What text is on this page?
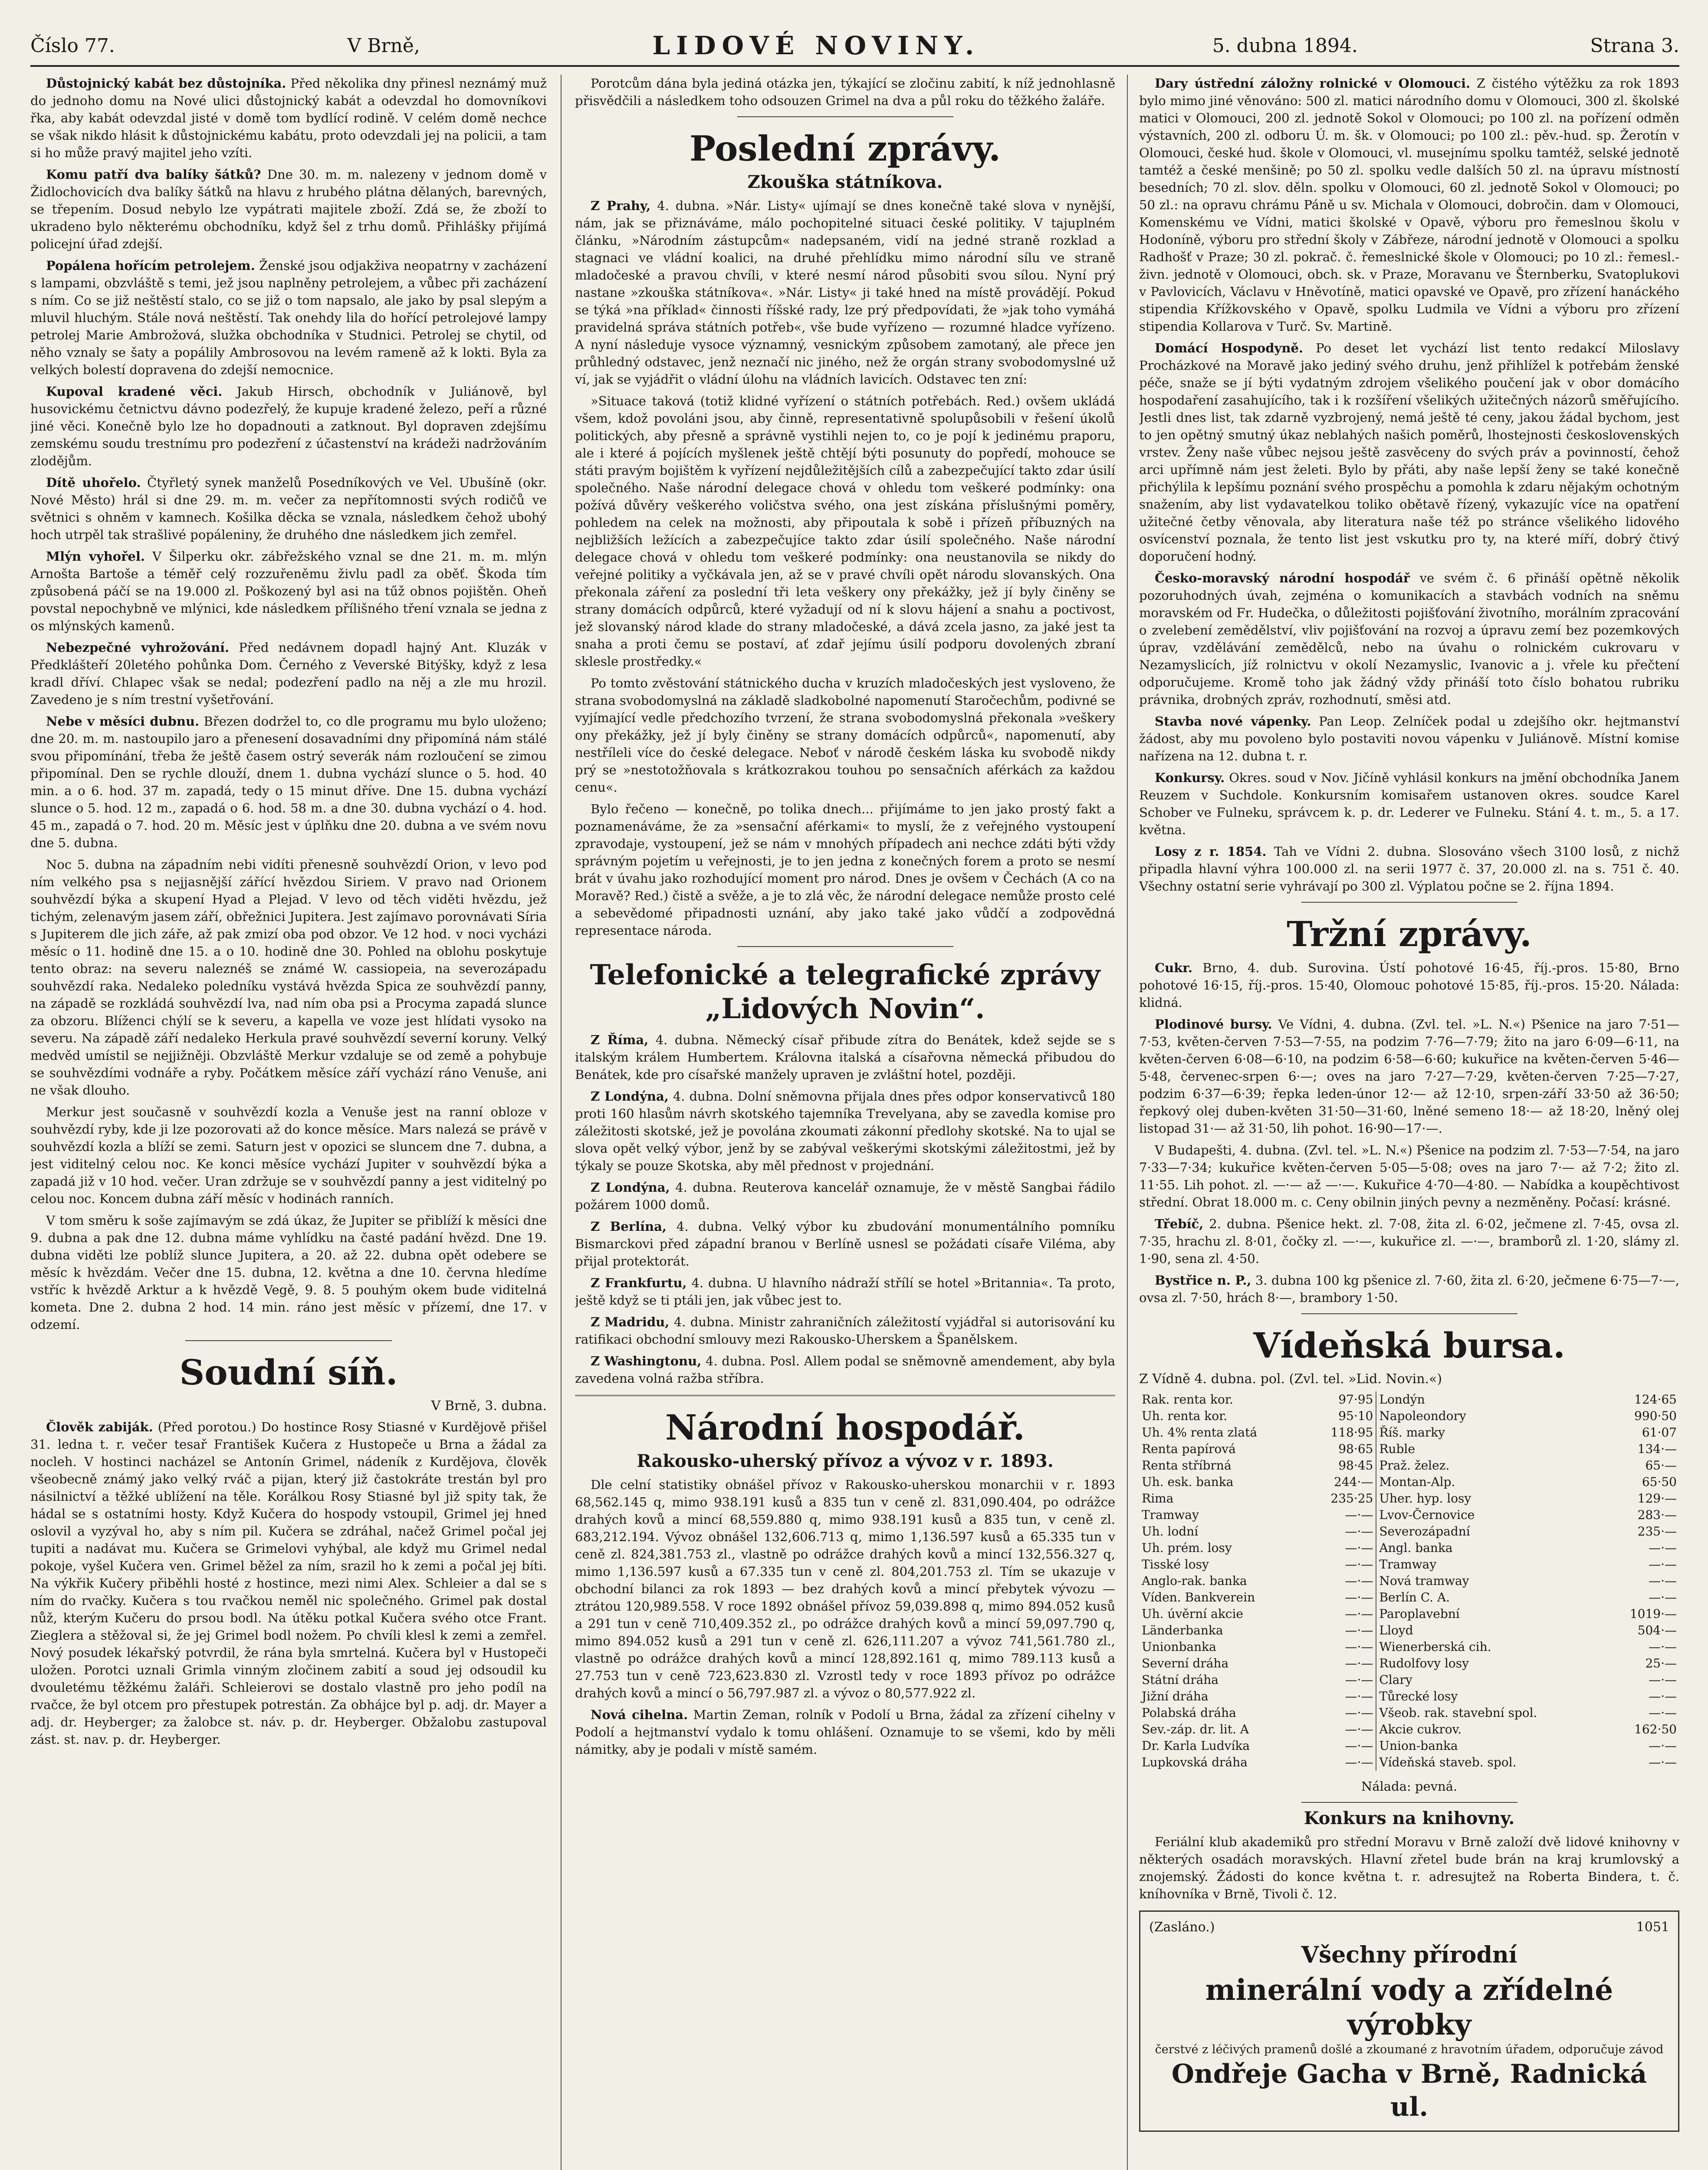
Číslo 77.	V Brně,	LIDOVÉ NOVINY.	5. dubna 1894.	Strana 3.

Důstojnický kabát bez důstojníka. Před několika dny přinesl neznámý muž do jednoho domu na Nové ulici důstojnický kabát a odevzdal ho domovníkovi řka, aby kabát odevzdal jisté v domě tom bydlící rodině. V celém domě nechce se však nikdo hlásit k důstojnickému kabátu, proto odevzdali jej na policii, a tam si ho může pravý majitel jeho vzíti.

Komu patří dva balíky šátků? Dne 30. m. m. nalezeny v jednom domě v Židlochovicích dva balíky šátků na hlavu z hrubého plátna dělaných, barevných, se třepením. Dosud nebylo lze vypátrati majitele zboží. Zdá se, že zboží to ukradeno bylo některému obchodníku, když šel z trhu domů. Přihlášky přijímá policejní úřad zdejší.

Popálena hořícím petrolejem. Ženské jsou odjakživa neopatrny v zacházení s lampami, obzvláště s temi, jež jsou naplněny petrolejem, a vůbec při zacházení s ním. Co se již neštěstí stalo, co se již o tom napsalo, ale jako by psal slepým a mluvil hluchým. Stále nová neštěstí. Tak onehdy lila do hořící petrolejové lampy petrolej Marie Ambrožová, služka obchodníka v Studnici. Petrolej se chytil, od něho vznaly se šaty a popálily Ambrosovou na levém rameně až k lokti. Byla za velkých bolestí dopravena do zdejší nemocnice.

Kupoval kradené věci. Jakub Hirsch, obchodník v Juliánově, byl husovickému četnictvu dávno podezřelý, že kupuje kradené železo, peří a různé jiné věci. Konečně bylo lze ho dopadnouti a zatknout. Byl dopraven zdejšímu zemskému soudu trestnímu pro podezření z účastenství na krádeži nadržováním zlodějům.

Dítě uhořelo. Čtyřletý synek manželů Posedníkových ve Vel. Ubušíně (okr. Nové Město) hrál si dne 29. m. m. večer za nepřítomnosti svých rodičů ve světnici s ohněm v kamnech. Košilka děcka se vznala, následkem čehož ubohý hoch utrpěl tak strašlivé popáleniny, že druhého dne následkem jich zemřel.

Mlýn vyhořel. V Šilperku okr. zábřežského vznal se dne 21. m. m. mlýn Arnošta Bartoše a téměř celý rozzuřeněmu živlu padl za oběť. Škoda tím způsobená páčí se na 19.000 zl. Poškozený byl asi na tűž obnos pojištěn. Oheň povstal nepochybně ve mlýnici, kde následkem přílišného tření vznala se jedna z os mlýnských kamenů.

Nebezpečné vyhrožování. Před nedávnem dopadl hajný Ant. Kluzák v Předklášteří 20letého pohůnka Dom. Černého z Veverské Bitýšky, když z lesa kradl dříví. Chlapec však se nedal; podezření padlo na něj a zle mu hrozil. Zavedeno je s ním trestní vyšetřování.

Nebe v měsíci dubnu. Březen dodržel to, co dle programu mu bylo uloženo; dne 20. m. m. nastoupilo jaro a přenesení dosavadními dny připomíná nám stálé svou připomínání, třeba že ještě časem ostrý severák nám rozloučení se zimou připomínal. Den se rychle dlouží, dnem 1. dubna vychází slunce o 5. hod. 40 min. a o 6. hod. 37 m. zapadá, tedy o 15 minut dříve. Dne 15. dubna vychází slunce o 5. hod. 12 m., zapadá o 6. hod. 58 m. a dne 30. dubna vychází o 4. hod. 45 m., zapadá o 7. hod. 20 m. Měsíc jest v úplňku dne 20. dubna a ve svém novu dne 5. dubna.

Noc 5. dubna na západním nebi vidíti přenesně souhvězdí Orion, v levo pod ním velkého psa s nejjasnější zářící hvězdou Siriem. V pravo nad Orionem souhvězdí býka a skupení Hyad a Plejad. V levo od těch viděti hvězdu, jež tichým, zelenavým jasem září, obřežnici Jupitera. Jest zajímavo porovnávati Síria s Jupiterem dle jich záře, až pak zmizí oba pod obzor. Ve 12 hod. v noci vycházi měsíc o 11. hodině dne 15. a o 10. hodině dne 30. Pohled na oblohu poskytuje tento obraz: na severu naleznéš se známé W. cassiopeia, na severozápadu souhvězdí raka. Nedaleko poledníku vystává hvězda Spica ze souhvězdí panny, na západě se rozkládá souhvězdí lva, nad ním oba psi a Procyma zapadá slunce za obzoru. Blíženci chýlí se k severu, a kapella ve voze jest hlídati vysoko na severu. Na západě září nedaleko Herkula pravé souhvězdí severní koruny. Velký medvěd umístil se nejjižněji. Obzvláště Merkur vzdaluje se od země a pohybuje se souhvězdími vodnáře a ryby. Počátkem měsíce září vychází ráno Venuše, ani ne však dlouho.

Merkur jest současně v souhvězdí kozla a Venuše jest na ranní obloze v souhvězdí ryby, kde ji lze pozorovati až do konce měsíce. Mars nalezá se právě v souhvězdí kozla a blíží se zemi. Saturn jest v opozici se sluncem dne 7. dubna, a jest viditelný celou noc. Ke konci měsíce vychází Jupiter v souhvězdí býka a zapadá již v 10 hod. večer. Uran zdržuje se v souhvězdí panny a jest viditelný po celou noc. Koncem dubna září měsíc v hodinách ranních.

V tom směru k soše zajímavým se zdá úkaz, že Jupiter se přiblíží k měsíci dne 9. dubna a pak dne 12. dubna máme vyhlídku na časté padání hvězd. Dne 19. dubna viděti lze poblíž slunce Jupitera, a 20. až 22. dubna opět odebere se měsíc k hvězdám. Večer dne 15. dubna, 12. května a dne 10. června hledíme vstříc k hvězdě Arktur a k hvězdě Vegě, 9. 8. 5 pouhým okem bude viditelná kometa. Dne 2. dubna 2 hod. 14 min. ráno jest měsíc v přízemí, dne 17. v odzemí.

Soudní síň.
V Brně, 3. dubna.

Člověk zabiják. (Před porotou.) Do hostince Rosy Stiasné v Kurdějově přišel 31. ledna t. r. večer tesař František Kučera z Hustopeče u Brna a žádal za nocleh. V hostinci nacházel se Antonín Grimel, nádeník z Kurdějova, člověk všeobecně známý jako velký rváč a pijan, který již častokráte trestán byl pro násilnictví a těžké ublížení na těle. Korálkou Rosy Stiasné byl již spity tak, že hádal se s ostatními hosty. Když Kučera do hospody vstoupil, Grimel jej hned oslovil a vyzýval ho, aby s ním pil. Kučera se zdráhal, načež Grimel počal jej tupiti a nadávat mu. Kučera se Grimelovi vyhýbal, ale když mu Grimel nedal pokoje, vyšel Kučera ven. Grimel běžel za ním, srazil ho k zemi a počal jej bíti. Na výkřik Kučery přiběhli hosté z hostince, mezi nimi Alex. Schleier a dal se s ním do rvačky. Kučera s tou rvačkou neměl nic společného. Grimel pak dostal nůž, kterým Kučeru do prsou bodl. Na útěku potkal Kučera svého otce Frant. Zieglera a stěžoval si, že jej Grimel bodl nožem. Po chvíli klesl k zemi a zemřel. Nový posudek lékařský potvrdil, že rána byla smrtelná. Kučera byl v Hustopeči uložen. Porotci uznali Grimla vinným zločinem zabití a soud jej odsoudil ku dvouletému těžkému žaláři. Schleierovi se dostalo vlastně pro jeho podíl na rvačce, že byl otcem pro přestupek potrestán. Za obhájce byl p. adj. dr. Mayer a adj. dr. Heyberger; za žalobce st. náv. p. dr. Heyberger. Obžalobu zastupoval zást. st. nav. p. dr. Heyberger.

Porotcům dána byla jediná otázka jen, týkající se zločinu zabití, k níž jednohlasně přisvědčili a následkem toho odsouzen Grimel na dva a půl roku do těžkého žaláře.

Poslední zprávy.
Zkouška státníkova.

Z Prahy, 4. dubna. »Nár. Listy« ujímají se dnes konečně také slova v nynější, nám, jak se přiznáváme, málo pochopitelné situaci české politiky. V tajuplném článku, »Národním zástupcům« nadepsaném, vidí na jedné straně rozklad a stagnaci ve vládní koalici, na druhé přehlídku mimo národní sílu ve straně mladočeské a pravou chvíli, v které nesmí národ působiti svou sílou. Nyní prý nastane »zkouška státníkova«. »Nár. Listy« ji také hned na místě provádějí. Pokud se týká »na příklad« činnosti říšské rady, lze prý předpovídati, že »jak toho vymáhá pravidelná správa státních potřeb«, vše bude vyřízeno — rozumné hladce vyřízeno. A nyní následuje vysoce významný, vesnickým způsobem zamotaný, ale přece jen průhledný odstavec, jenž neznačí nic jiného, než že orgán strany svobodomyslné už ví, jak se vyjádřit o vládní úlohu na vládních lavicích. Odstavec ten zní:

»Situace taková (totiž klidné vyřízení o státních potřebách. Red.) ovšem ukládá všem, kdož povoláni jsou, aby činně, representativně spolupůsobili v řešení úkolů politických, aby přesně a správně vystihli nejen to, co je pojí k jedinému praporu, ale i které á pojících myšlenek ještě chtějí býti posunuty do popředí, mohouce se státi pravým bojištěm k vyřízení nejdůležitějších cílů a zabezpečující takto zdar úsilí společného. Naše národní delegace chová v ohledu tom veškeré podmínky: ona požívá důvěry veškerého voličstva svého, ona jest získána příslušnými poměry, pohledem na celek na možnosti, aby připoutala k sobě i přízeň příbuzných na nejbližších ležících a zabezpečujíce takto zdar úsilí společného. Naše národní delegace chová v ohledu tom veškeré podmínky: ona neustanovila se nikdy do veřejné politiky a vyčkávala jen, až se v pravé chvíli opět národu slovanských. Ona překonala záření za poslední tři leta veškery ony překážky, jež jí byly činěny se strany domácích odpůrců, které vyžadují od ní k slovu hájení a snahu a poctivost, jež slovanský národ klade do strany mladočeské, a dává zcela jasno, za jaké jest ta snaha a proti čemu se postaví, ať zdař jejímu úsilí podporu dovolených zbraní sklesle prostředky.«

Po tomto zvěstování státnického ducha v kruzích mladočeských jest vysloveno, že strana svobodomyslná na základě sladkobolné napomenutí Staročechům, podivné se vyjímající vedle předchozího tvrzení, že strana svobodomyslná překonala »veškery ony překážky, jež jí byly činěny se strany domácích odpůrců«, napomenutí, aby nestříleli více do české delegace. Neboť v národě českém láska ku svobodě nikdy prý se »nestotožňovala s krátkozrakou touhou po sensačních aférkách za každou cenu«.

Bylo řečeno — konečně, po tolika dnech... přijímáme to jen jako prostý fakt a poznamenáváme, že za »sensační aférkami« to myslí, že z veřejného vystoupení zpravodaje, vystoupení, jež se nám v mnohých případech ani nechce zdáti býti vždy správným pojetím u veřejnosti, je to jen jedna z konečných forem a proto se nesmí brát v úvahu jako rozhodující moment pro národ. Dnes je ovšem v Čechách (A co na Moravě? Red.) čistě a svěže, a je to zlá věc, že národní delegace nemůže prosto celé a sebevědomé připadnosti uznání, aby jako také jako vůdčí a zodpovědná representace národa.

Telefonické a telegrafické zprávy „Lidových Novin“.

Z Říma, 4. dubna. Německý císař přibude zítra do Benátek, kdež sejde se s italským králem Humbertem. Královna italská a císařovna německá přibudou do Benátek, kde pro císařské manžely upraven je zvláštní hotel, později.

Z Londýna, 4. dubna. Dolní sněmovna přijala dnes přes odpor konservativců 180 proti 160 hlasům návrh skotského tajemníka Trevelyana, aby se zavedla komise pro záležitosti skotské, jež je povolána zkoumati zákonní předlohy skotské. Na to ujal se slova opět velký výbor, jenž by se zabýval veškerými skotskými záležitostmi, jež by týkaly se pouze Skotska, aby měl přednost v projednání.

Z Londýna, 4. dubna. Reuterova kancelář oznamuje, že v městě Sangbai řádilo požárem 1000 domů.

Z Berlína, 4. dubna. Velký výbor ku zbudování monumentálního pomníku Bismarckovi před západní branou v Berlíně usnesl se požádati císaře Viléma, aby přijal protektorát.

Z Frankfurtu, 4. dubna. U hlavního nádraží střílí se hotel »Britannia«. Ta proto, ještě když se ti ptáli jen, jak vůbec jest to.

Z Madridu, 4. dubna. Ministr zahraničních záležitostí vyjádřal si autorisování ku ratifikaci obchodní smlouvy mezi Rakousko-Uherskem a Španělskem.

Z Washingtonu, 4. dubna. Posl. Allem podal se sněmovně amendement, aby byla zavedena volná ražba stříbra.

Národní hospodář.
Rakousko-uherský přívoz a vývoz v r. 1893.

Dle celní statistiky obnášel přívoz v Rakousko-uherskou monarchii v r. 1893 68,562.145 q, mimo 938.191 kusů a 835 tun v ceně zl. 831,090.404, po odrážce drahých kovů a mincí 68,559.880 q, mimo 938.191 kusů a 835 tun, v ceně zl. 683,212.194. Vývoz obnášel 132,606.713 q, mimo 1,136.597 kusů a 65.335 tun v ceně zl. 824,381.753 zl., vlastně po odrážce drahých kovů a mincí 132,556.327 q, mimo 1,136.597 kusů a 67.335 tun v ceně zl. 804,201.753 zl. Tím se ukazuje v obchodní bilanci za rok 1893 — bez drahých kovů a mincí přebytek vývozu — ztrátou 120,989.558. V roce 1892 obnášel přívoz 59,039.898 q, mimo 894.052 kusů a 291 tun v ceně 710,409.352 zl., po odrážce drahých kovů a mincí 59,097.790 q, mimo 894.052 kusů a 291 tun v ceně zl. 626,111.207 a vývoz 741,561.780 zl., vlastně po odrážce drahých kovů a mincí 128,892.161 q, mimo 789.113 kusů a 27.753 tun v ceně 723,623.830 zl. Vzrostl tedy v roce 1893 přívoz po odrážce drahých kovů a mincí o 56,797.987 zl. a vývoz o 80,577.922 zl.

Nová cihelna. Martin Zeman, rolník v Podolí u Brna, žádal za zřízení cihelny v Podolí a hejtmanství vydalo k tomu ohlášení. Oznamuje to se všemi, kdo by měli námitky, aby je podali v místě samém.

Dary ústřední záložny rolnické v Olomouci. Z čistého výtěžku za rok 1893 bylo mimo jiné věnováno: 500 zl. matici národního domu v Olomouci, 300 zl. školské matici v Olomouci, 200 zl. jednotě Sokol v Olomouci; po 100 zl. na pořízení odměn výstavních, 200 zl. odboru Ú. m. šk. v Olomouci; po 100 zl.: pěv.-hud. sp. Žerotín v Olomouci, české hud. škole v Olomouci, vl. musejnímu spolku tamtéž, selské jednotě tamtéž a české menšině; po 50 zl. spolku vedle dalších 50 zl. na úpravu místností besedních; 70 zl. slov. děln. spolku v Olomouci, 60 zl. jednotě Sokol v Olomouci; po 50 zl.: na opravu chrámu Páně u sv. Michala v Olomouci, dobročin. dam v Olomouci, Komenskému ve Vídni, matici školské v Opavě, výboru pro řemeslnou školu v Hodoníně, výboru pro střední školy v Zábřeze, národní jednotě v Olomouci a spolku Radhošť v Praze; 30 zl. pokrač. č. řemeslnické škole v Olomouci; po 10 zl.: řemesl.-živn. jednotě v Olomouci, obch. sk. v Praze, Moravanu ve Šternberku, Svatoplukovi v Pavlovicích, Václavu v Hněvotíně, matici opavské ve Opavě, pro zřízení hanáckého stipendia Křížkovského v Opavě, spolku Ludmila ve Vídni a výboru pro zřízení stipendia Kollarova v Turč. Sv. Martině.

Domácí Hospodyně. Po deset let vychází list tento redakcí Miloslavy Procházkové na Moravě jako jediný svého druhu, jenž přihlížel k potřebám ženské péče, snaže se jí býti vydatným zdrojem všelikého poučení jak v obor domácího hospodaření zasahujícího, tak i k rozšíření všelikých užitečných názorů směřujícího. Jestli dnes list, tak zdarně vyzbrojený, nemá ještě té ceny, jakou žádal bychom, jest to jen opětný smutný úkaz neblahých našich poměrů, lhostejnosti československých vrstev. Ženy naše vůbec nejsou ještě zasvěceny do svých práv a povinností, čehož arci upřímně nám jest želeti. Bylo by přáti, aby naše lepší ženy se také konečně přichýlila k lepšímu poznání svého prospěchu a pomohla k zdaru nějakým ochotným snažením, aby list vydavatelkou toliko obětavě řízený, vykazujíc více na opatření užitečné četby věnovala, aby literatura naše též po stránce všelikého lidového osvícenství poznala, že tento list jest vskutku pro ty, na které míří, dobrý čtivý doporučení hodný.

Česko-moravský národní hospodář ve svém č. 6 přináší opětně několik pozoruhodných úvah, zejména o komunikacích a stavbách vodních na sněmu moravském od Fr. Hudečka, o důležitosti pojišťování životního, morálním zpracování o zvelebení zemědělství, vliv pojišťování na rozvoj a úpravu zemí bez pozemkových úprav, vzdělávání zemědělců, nebo na úvahu o rolnickém cukrovaru v Nezamyslicích, jíž rolnictvu v okolí Nezamyslic, Ivanovic a j. vřele ku přečtení odporučujeme. Kromě toho jak žádný vždy přináší toto číslo bohatou rubriku právnika, drobných zpráv, rozhodnutí, směsi atd.

Stavba nové vápenky. Pan Leop. Zelníček podal u zdejšího okr. hejtmanství žádost, aby mu povoleno bylo postaviti novou vápenku v Juliánově. Místní komise nařízena na 12. dubna t. r.

Konkursy. Okres. soud v Nov. Jičíně vyhlásil konkurs na jmění obchodníka Janem Reuzem v Suchdole. Konkursním komisařem ustanoven okres. soudce Karel Schober ve Fulneku, správcem k. p. dr. Lederer ve Fulneku. Stání 4. t. m., 5. a 17. května.

Losy z r. 1854. Tah ve Vídni 2. dubna. Slosováno všech 3100 losů, z nichž připadla hlavní výhra 100.000 zl. na serii 1977 č. 37, 20.000 zl. na s. 751 č. 40. Všechny ostatní serie vyhrávají po 300 zl. Výplatou počne se 2. října 1894.

Tržní zprávy.

Cukr. Brno, 4. dub. Surovina. Ústí pohotové 16·45, říj.-pros. 15·80, Brno pohotové 16·15, říj.-pros. 15·40, Olomouc pohotové 15·85, říj.-pros. 15·20. Nálada: klidná.

Plodinové bursy. Ve Vídni, 4. dubna. (Zvl. tel. »L. N.«) Pšenice na jaro 7·51—7·53, květen-červen 7·53—7·55, na podzim 7·76—7·79; žito na jaro 6·09—6·11, na květen-červen 6·08—6·10, na podzim 6·58—6·60; kukuřice na květen-červen 5·46—5·48, červenec-srpen 6·—; oves na jaro 7·27—7·29, květen-červen 7·25—7·27, podzim 6·37—6·39; řepka leden-únor 12·— až 12·10, srpen-září 33·50 až 36·50; řepkový olej duben-květen 31·50—31·60, lněné semeno 18·— až 18·20, lněný olej listopad 31·— až 31·50, lih pohot. 16·90—17·—.

V Budapešti, 4. dubna. (Zvl. tel. »L. N.«) Pšenice na podzim zl. 7·53—7·54, na jaro 7·33—7·34; kukuřice květen-červen 5·05—5·08; oves na jaro 7·— až 7·2; žito zl. 11·55. Lih pohot. zl. —·— až —·—. Kukuřice 4·70—4·80. — Nabídka a koupěchtivost střední. Obrat 18.000 m. c. Ceny obilnin jiných pevny a nezměněny. Počasí: krásné.

Třebíč, 2. dubna. Pšenice hekt. zl. 7·08, žita zl. 6·02, ječmene zl. 7·45, ovsa zl. 7·35, hrachu zl. 8·01, čočky zl. —·—, kukuřice zl. —·—, bramborů zl. 1·20, slámy zl. 1·90, sena zl. 4·50.

Bystřice n. P., 3. dubna 100 kg pšenice zl. 7·60, žita zl. 6·20, ječmene 6·75—7·—, ovsa zl. 7·50, hrách 8·—, brambory 1·50.

Vídeňská bursa.
Z Vídně 4. dubna. pol. (Zvl. tel. »Lid. Novin.«)
Rak. renta kor.	97·95	Londýn	124·65
Uh. renta kor.	95·10	Napoleondory	990·50
Uh. 4% renta zlatá	118·95	Říš. marky	61·07
Renta papírová	98·65	Ruble	134·—
Renta stříbrná	98·45	Praž. želez.	65·—
Uh. esk. banka	244·—	Montan-Alp.	65·50
Rima	235·25	Uher. hyp. losy	129·—
Tramway	—·—	Lvov-Černovice	283·—
Uh. lodní	—·—	Severozápadní	235·—
Uh. prém. losy	—·—	Angl. banka	—·—
Tisské losy	—·—	Tramway	—·—
Anglo-rak. banka	—·—	Nová tramway	—·—
Víden. Bankverein	—·—	Berlín C. A.	—·—
Uh. úvěrní akcie	—·—	Paroplavební	1019·—
Länderbanka	—·—	Lloyd	504·—
Unionbanka	—·—	Wienerberská cih.	—·—
Severní dráha	—·—	Rudolfovy losy	25·—
Státní dráha	—·—	Clary	—·—
Jižní dráha	—·—	Tůrecké losy	—·—
Polabská dráha	—·—	Všeob. rak. stavební spol.	—·—
Sev.-záp. dr. lit. A	—·—	Akcie cukrov.	162·50
Dr. Karla Ludvíka	—·—	Union-banka	—·—
Lupkovská dráha	—·—	Vídeňská staveb. spol.	—·—
Nálada: pevná.
Konkurs na knihovny.

Feriální klub akademiků pro střední Moravu v Brně založí dvě lidové knihovny v některých osadách moravských. Hlavní zřetel bude brán na kraj krumlovský a znojemský. Žádosti do konce května t. r. adresujtež na Roberta Bindera, t. č. kníhovníka v Brně, Tivoli č. 12.

(Zasláno.)	1051
Všechny přírodní
minerální vody a zřídelné výrobky
čerstvé z léčivých pramenů došlé a zkoumané z hravotním úřadem, odporučuje závod
Ondřeje Gacha v Brně, Radnická ul.
